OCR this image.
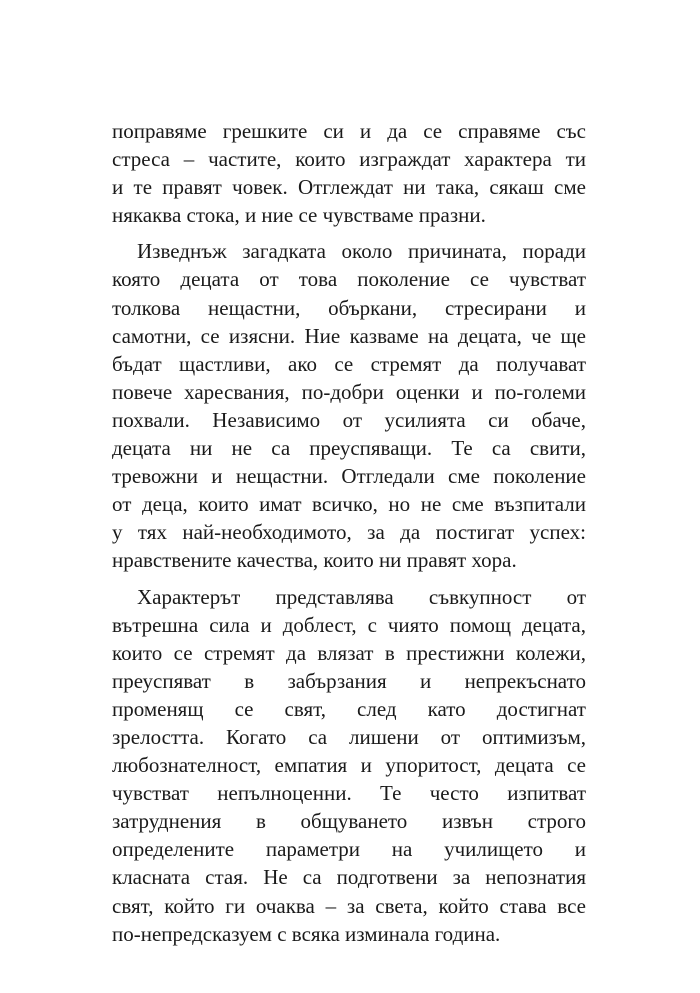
поправяме грешките си и да се справяме със
стреса – частите, които изграждат характера ти
и те правят човек. Отглеждат ни така, сякаш сме
някаква стока, и ние се чувстваме празни.

Изведнъж загадката около причината, поради
която децата от това поколение се чувстват
толкова нещастни, объркани, стресирани и
самотни, се изясни. Ние казваме на децата, че ще
бъдат щастливи, ако се стремят да получават
повече харесвания, по-добри оценки и по-големи
похвали. Независимо от усилията си обаче,
децата ни не са преуспяващи. Те са свити,
тревожни и нещастни. Отгледали сме поколение
от деца, които имат всичко, но не сме възпитали
у тях най-необходимото, за да постигат успех:
нравствените качества, които ни правят хора.

Характерът представлява съвкупност от
вътрешна сила и доблест, с чиято помощ децата,
които се стремят да влязат в престижни колежи,
преуспяват в забързания и непрекъснато
променящ се свят, след като достигнат
зрелостта. Когато са лишени от оптимизъм,
любознателност, емпатия и упоритост, децата се
чувстват непълноценни. Те често изпитват
затруднения в общуването извън строго
определените параметри на училището и
класната стая. Не са подготвени за непознатия
свят, който ги очаква – за света, който става все
по-непредсказуем с всяка изминала година.
